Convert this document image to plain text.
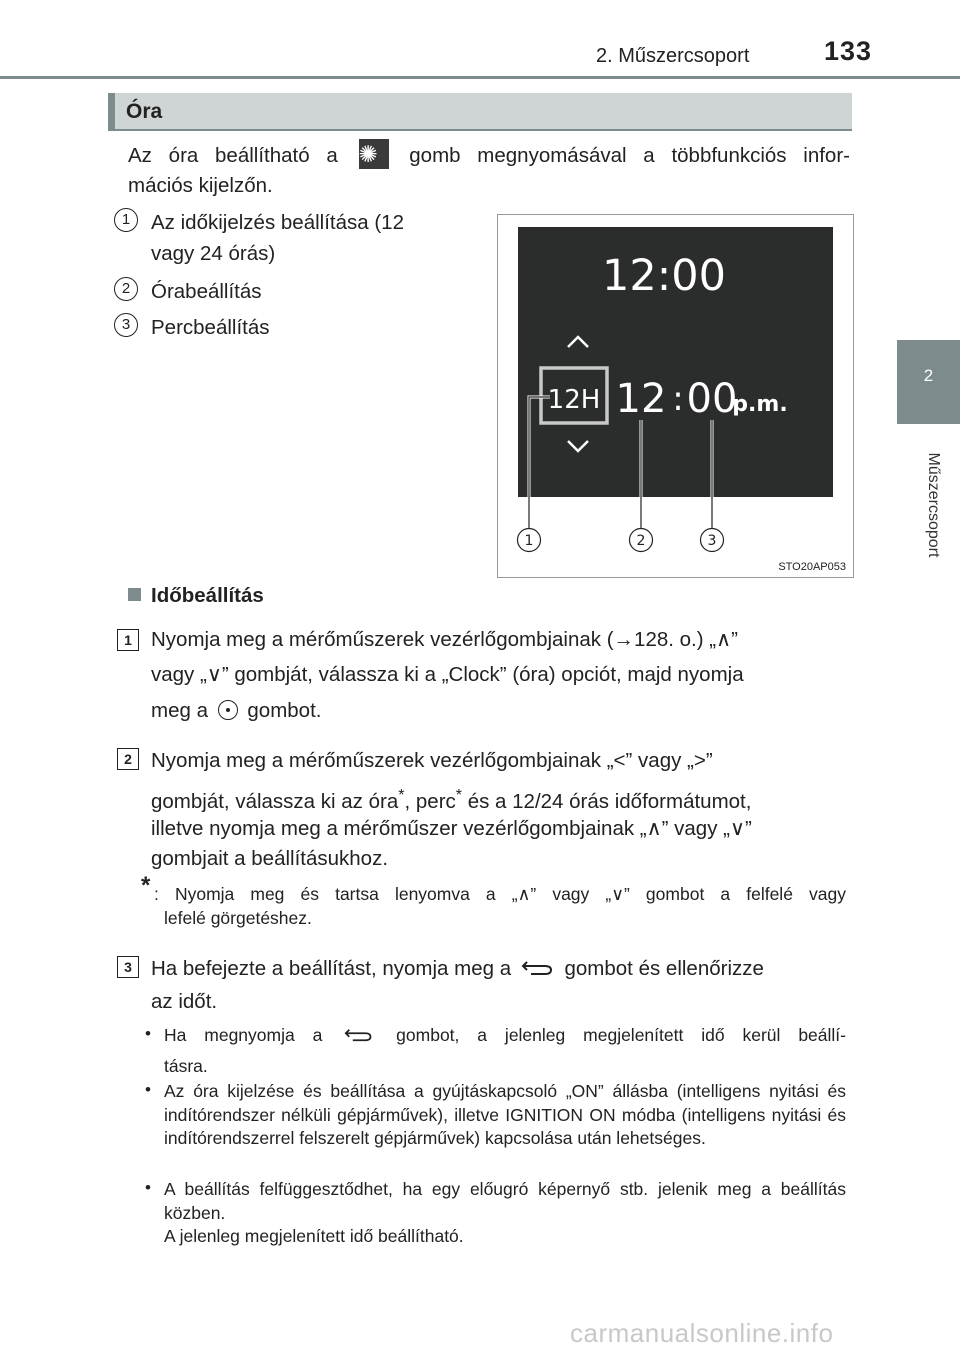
2. Műszercsoport	133
2
Műszercsoport
Óra
Az óra beállítható a ✺	gomb megnyomásával a többfunkciós infor-
mációs kijelzőn.
1	Az időkijelzés beállítása (12
vagy 24 órás)
2	Órabeállítás
3	Percbeállítás
12:00
12H 12 : 00
p.m.
1	2	3
STO20AP053
Időbeállítás
1 Nyomja meg a mérőműszerek vezérlőgombjainak (→128. o.) „∧”
vagy „∨” gombját, válassza ki a „Clock” (óra) opciót, majd nyomja
meg a gombot.
2 Nyomja meg a mérőműszerek vezérlőgombjainak „<” vagy „>”
gombját, válassza ki az óra*, perc* és a 12/24 órás időformátumot,
illetve nyomja meg a mérőműszer vezérlőgombjainak „∧” vagy „∨”
gombjait a beállításukhoz.
* : Nyomja meg és tartsa lenyomva a „∧” vagy „∨” gombot a felfelé vagy
lefelé görgetéshez.
3 Ha befejezte a beállítást, nyomja meg a	gombot és ellenőrizze
az időt.
• Ha megnyomja a	gombot, a jelenleg megjelenített idő kerül beállí-
tásra.
• Az óra kijelzése és beállítása a gyújtáskapcsoló „ON” állásba (intelligens nyitási és indítórendszer nélküli gépjárművek), illetve IGNITION ON módba (intelligens nyitási és indítórendszerrel felszerelt gépjárművek) kapcsolása után lehetséges.
• A beállítás felfüggesztődhet, ha egy előugró képernyő stb. jelenik meg a beállítás közben.
A jelenleg megjelenített idő beállítható.
carmanualsonline.info
